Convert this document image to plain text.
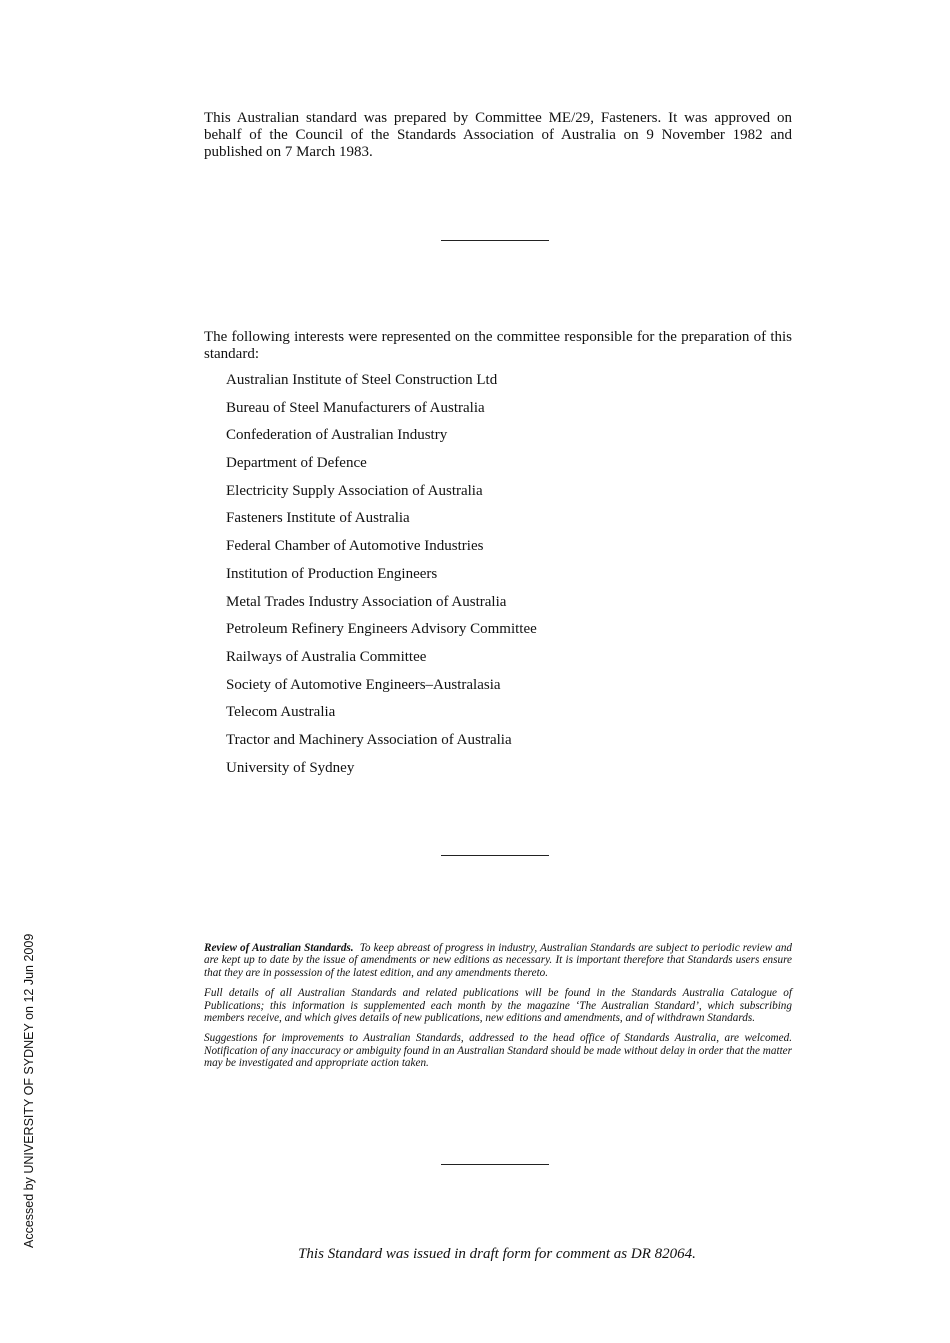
This Australian standard was prepared by Committee ME/29, Fasteners. It was approved on behalf of the Council of the Standards Association of Australia on 9 November 1982 and published on 7 March 1983.
The following interests were represented on the committee responsible for the preparation of this standard:
Australian Institute of Steel Construction Ltd
Bureau of Steel Manufacturers of Australia
Confederation of Australian Industry
Department of Defence
Electricity Supply Association of Australia
Fasteners Institute of Australia
Federal Chamber of Automotive Industries
Institution of Production Engineers
Metal Trades Industry Association of Australia
Petroleum Refinery Engineers Advisory Committee
Railways of Australia Committee
Society of Automotive Engineers–Australasia
Telecom Australia
Tractor and Machinery Association of Australia
University of Sydney

Review of Australian Standards. To keep abreast of progress in industry, Australian Standards are subject to periodic review and are kept up to date by the issue of amendments or new editions as necessary. It is important therefore that Standards users ensure that they are in possession of the latest edition, and any amendments thereto.

Full details of all Australian Standards and related publications will be found in the Standards Australia Catalogue of Publications; this information is supplemented each month by the magazine ‘The Australian Standard’, which subscribing members receive, and which gives details of new publications, new editions and amendments, and of withdrawn Standards.

Suggestions for improvements to Australian Standards, addressed to the head office of Standards Australia, are welcomed. Notification of any inaccuracy or ambiguity found in an Australian Standard should be made without delay in order that the matter may be investigated and appropriate action taken.

Accessed by UNIVERSITY OF SYDNEY on 12 Jun 2009
This Standard was issued in draft form for comment as DR 82064.
